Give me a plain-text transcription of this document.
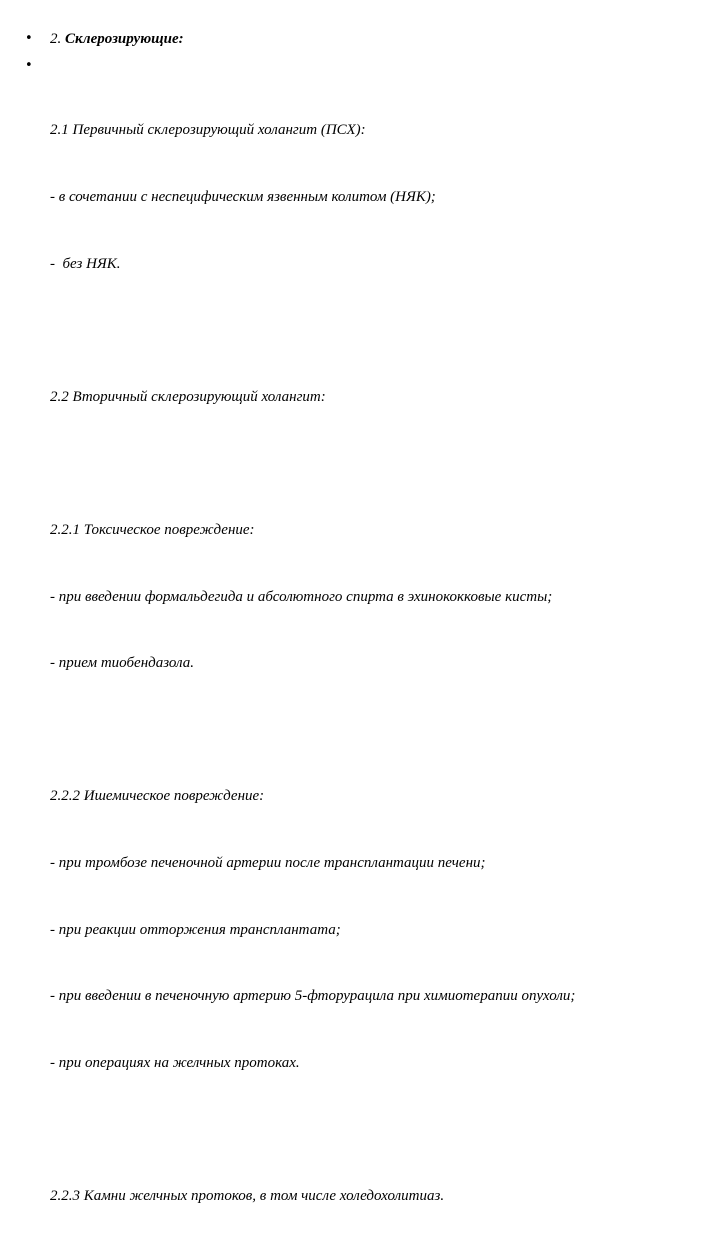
• 2. Склерозирующие:
•

2.1 Первичный склерозирующий холангит (ПСХ):

- в сочетании с неспецифическим язвенным колитом (НЯК);

-  без НЯК.

2.2 Вторичный склерозирующий холангит:

2.2.1 Токсическое повреждение:

- при введении формальдегида и абсолютного спирта в эхинококковые кисты;

- прием тиобендазола.

2.2.2 Ишемическое повреждение:

- при тромбозе печеночной артерии после трансплантации печени;

- при реакции отторжения трансплантата;

- при введении в печеночную артерию 5-фторурацила при химиотерапии опухоли;

- при операциях на желчных протоках.

2.2.3 Камни желчных протоков, в том числе холедохолитиаз.
